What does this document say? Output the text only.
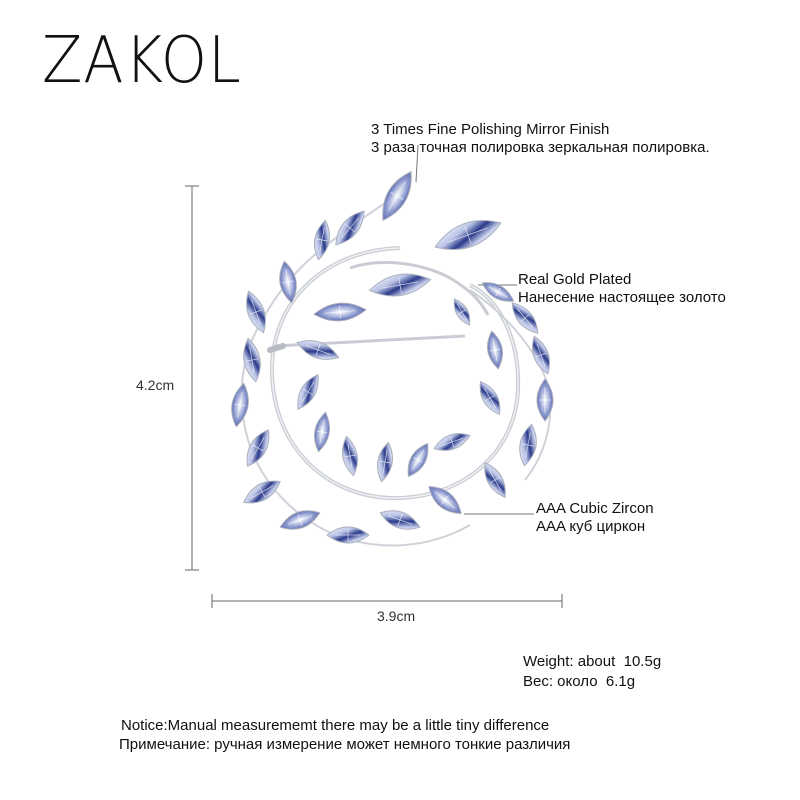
ZAKOL
3 Times Fine Polishing Mirror Finish
3 раза точная полировка зеркальная полировка.
Real Gold Plated
Нанесение настоящее золото
AAA Cubic Zircon
AAA куб циркон
4.2cm
3.9cm
Weight: about  10.5g
Вес: около  6.1g
Notice:Manual measurememt there may be a little tiny difference
Примечание: ручная измерение может немного тонкие различия
